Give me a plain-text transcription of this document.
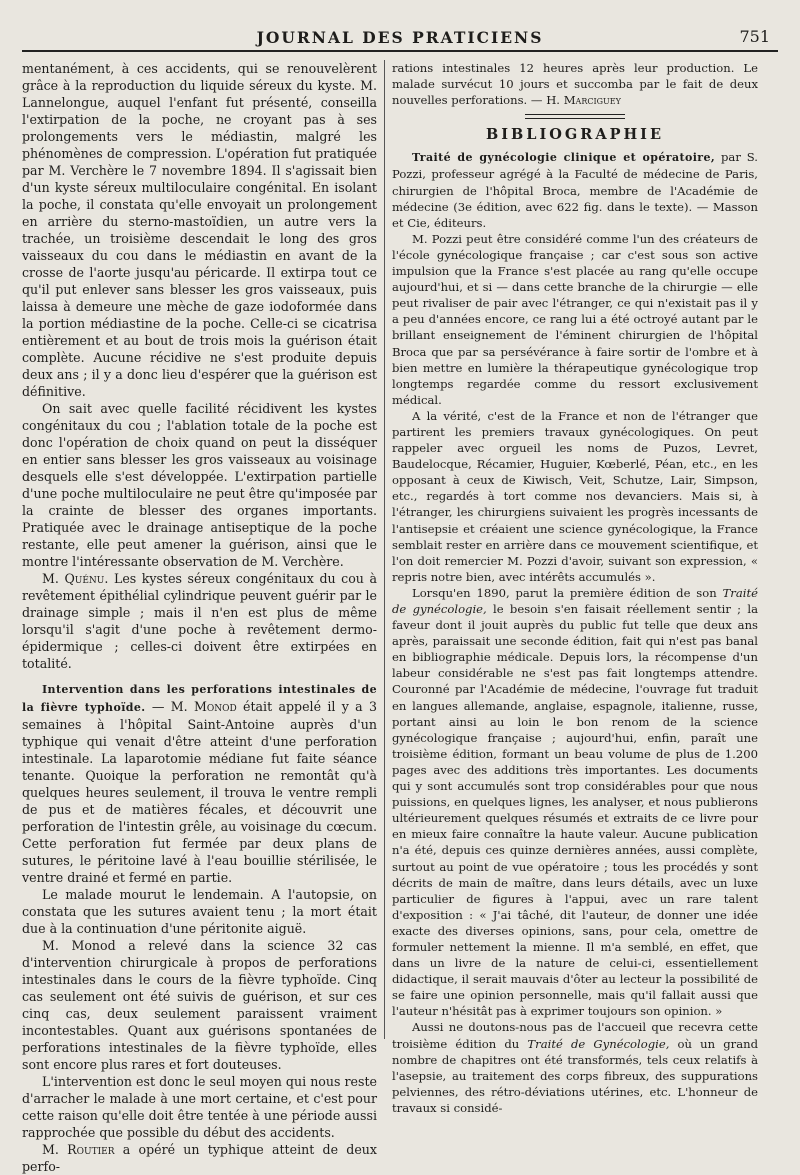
JOURNAL DES PRATICIENS	751

mentanément, à ces accidents, qui se renouvelèrent grâce à la reproduction du liquide séreux du kyste. M. Lannelongue, auquel l'enfant fut présenté, conseilla l'extirpation de la poche, ne croyant pas à ses prolongements vers le médiastin, malgré les phénomènes de compression. L'opération fut pratiquée par M. Verchère le 7 novembre 1894. Il s'agissait bien d'un kyste séreux multiloculaire congénital. En isolant la poche, il constata qu'elle envoyait un prolongement en arrière du sterno-mastoïdien, un autre vers la trachée, un troisième descendait le long des gros vaisseaux du cou dans le médiastin en avant de la crosse de l'aorte jusqu'au péricarde. Il extirpa tout ce qu'il put enlever sans blesser les gros vaisseaux, puis laissa à demeure une mèche de gaze iodoformée dans la portion médiastine de la poche. Celle-ci se cicatrisa entièrement et au bout de trois mois la guérison était complète. Aucune récidive ne s'est produite depuis deux ans ; il y a donc lieu d'espérer que la guérison est définitive.

On sait avec quelle facilité récidivent les kystes congénitaux du cou ; l'ablation totale de la poche est donc l'opération de choix quand on peut la disséquer en entier sans blesser les gros vaisseaux au voisinage desquels elle s'est développée. L'extirpation partielle d'une poche multiloculaire ne peut être qu'imposée par la crainte de blesser des organes importants. Pratiquée avec le drainage antiseptique de la poche restante, elle peut amener la guérison, ainsi que le montre l'intéressante observation de M. Verchère.

M. Quénu. Les kystes séreux congénitaux du cou à revêtement épithélial cylindrique peuvent guérir par le drainage simple ; mais il n'en est plus de même lorsqu'il s'agit d'une poche à revêtement dermo-épidermique ; celles-ci doivent être extirpées en totalité.

Intervention dans les perforations intestinales de la fièvre typhoïde. — M. Monod était appelé il y a 3 semaines à l'hôpital Saint-Antoine auprès d'un typhique qui venait d'être atteint d'une perforation intestinale. La laparotomie médiane fut faite séance tenante. Quoique la perforation ne remontât qu'à quelques heures seulement, il trouva le ventre rempli de pus et de matières fécales, et découvrit une perforation de l'intestin grêle, au voisinage du cœcum. Cette perforation fut fermée par deux plans de sutures, le péritoine lavé à l'eau bouillie stérilisée, le ventre drainé et fermé en partie.

Le malade mourut le lendemain. A l'autopsie, on constata que les sutures avaient tenu ; la mort était due à la continuation d'une péritonite aiguë.

M. Monod a relevé dans la science 32 cas d'intervention chirurgicale à propos de perforations intestinales dans le cours de la fièvre typhoïde. Cinq cas seulement ont été suivis de guérison, et sur ces cinq cas, deux seulement paraissent vraiment incontestables. Quant aux guérisons spontanées de perforations intestinales de la fièvre typhoïde, elles sont encore plus rares et fort douteuses.

L'intervention est donc le seul moyen qui nous reste d'arracher le malade à une mort certaine, et c'est pour cette raison qu'elle doit être tentée à une période aussi rapprochée que possible du début des accidents.

M. Routier a opéré un typhique atteint de deux perfo-

rations intestinales 12 heures après leur production. Le malade survécut 10 jours et succomba par le fait de deux nouvelles perforations. — H. Marciguey

BIBLIOGRAPHIE

Traité de gynécologie clinique et opératoire, par S. Pozzi, professeur agrégé à la Faculté de médecine de Paris, chirurgien de l'hôpital Broca, membre de l'Académie de médecine (3e édition, avec 622 fig. dans le texte). — Masson et Cie, éditeurs.

M. Pozzi peut être considéré comme l'un des créateurs de l'école gynécologique française ; car c'est sous son active impulsion que la France s'est placée au rang qu'elle occupe aujourd'hui, et si — dans cette branche de la chirurgie — elle peut rivaliser de pair avec l'étranger, ce qui n'existait pas il y a peu d'années encore, ce rang lui a été octroyé autant par le brillant enseignement de l'éminent chirurgien de l'hôpital Broca que par sa persévérance à faire sortir de l'ombre et à bien mettre en lumière la thérapeutique gynécologique trop longtemps regardée comme du ressort exclusivement médical.

A la vérité, c'est de la France et non de l'étranger que partirent les premiers travaux gynécologiques. On peut rappeler avec orgueil les noms de Puzos, Levret, Baudelocque, Récamier, Huguier, Kœberlé, Péan, etc., en les opposant à ceux de Kiwisch, Veit, Schutze, Lair, Simpson, etc., regardés à tort comme nos devanciers. Mais si, à l'étranger, les chirurgiens suivaient les progrès incessants de l'antisepsie et créaient une science gynécologique, la France semblait rester en arrière dans ce mouvement scientifique, et l'on doit remercier M. Pozzi d'avoir, suivant son expression, « repris notre bien, avec intérêts accumulés ».

Lorsqu'en 1890, parut la première édition de son Traité de gynécologie, le besoin s'en faisait réellement sentir ; la faveur dont il jouit auprès du public fut telle que deux ans après, paraissait une seconde édition, fait qui n'est pas banal en bibliographie médicale. Depuis lors, la récompense d'un labeur considérable ne s'est pas fait longtemps attendre. Couronné par l'Académie de médecine, l'ouvrage fut traduit en langues allemande, anglaise, espagnole, italienne, russe, portant ainsi au loin le bon renom de la science gynécologique française ; aujourd'hui, enfin, paraît une troisième édition, formant un beau volume de plus de 1.200 pages avec des additions très importantes. Les documents qui y sont accumulés sont trop considérables pour que nous puissions, en quelques lignes, les analyser, et nous publierons ultérieurement quelques résumés et extraits de ce livre pour en mieux faire connaître la haute valeur. Aucune publication n'a été, depuis ces quinze dernières années, aussi complète, surtout au point de vue opératoire ; tous les procédés y sont décrits de main de maître, dans leurs détails, avec un luxe particulier de figures à l'appui, avec un rare talent d'exposition : « J'ai tâché, dit l'auteur, de donner une idée exacte des diverses opinions, sans, pour cela, omettre de formuler nettement la mienne. Il m'a semblé, en effet, que dans un livre de la nature de celui-ci, essentiellement didactique, il serait mauvais d'ôter au lecteur la possibilité de se faire une opinion personnelle, mais qu'il fallait aussi que l'auteur n'hésitât pas à exprimer toujours son opinion. »

Aussi ne doutons-nous pas de l'accueil que recevra cette troisième édition du Traité de Gynécologie, où un grand nombre de chapitres ont été transformés, tels ceux relatifs à l'asepsie, au traitement des corps fibreux, des suppurations pelviennes, des rétro-déviations utérines, etc. L'honneur de travaux si considé-
